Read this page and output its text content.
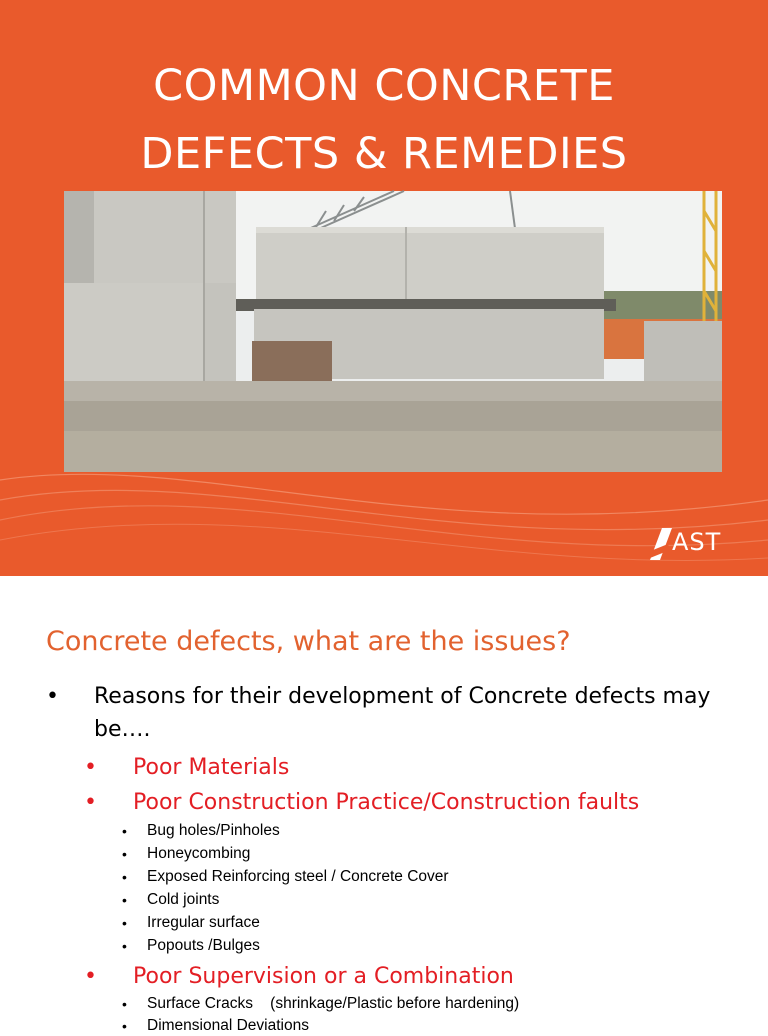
COMMON CONCRETE
DEFECTS & REMEDIES
AST
Concrete defects, what are the issues?
• Reasons for their development of Concrete defects may be….
• Poor Materials
• Poor Construction Practice/Construction faults
• Bug holes/Pinholes
• Honeycombing
• Exposed Reinforcing steel / Concrete Cover
• Cold joints
• Irregular surface
• Popouts /Bulges
• Poor Supervision or a Combination
• Surface Cracks    (shrinkage/Plastic before hardening)
• Dimensional Deviations
